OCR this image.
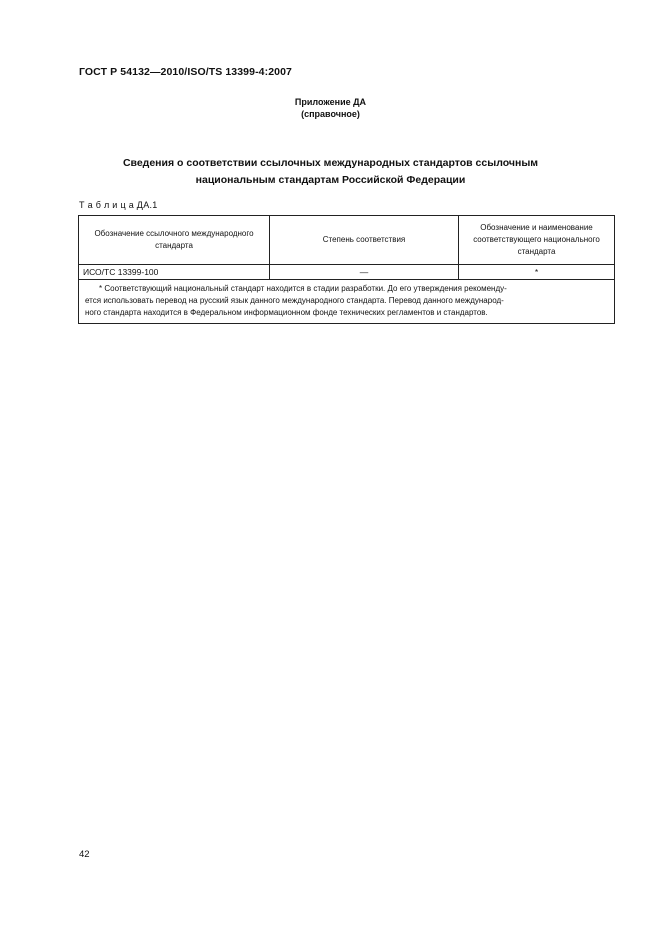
ГОСТ Р 54132—2010/ISO/TS 13399-4:2007
Приложение ДА
(справочное)
Сведения о соответствии ссылочных международных стандартов ссылочным
национальным стандартам Российской Федерации
Т а б л и ц а ДА.1
Обозначение ссылочного международного стандарта	Степень соответствия	Обозначение и наименование соответствующего национального стандарта
ИСО/ТС 13399-100	—	*

* Соответствующий национальный стандарт находится в стадии разработки. До его утверждения рекоменду-
ется использовать перевод на русский язык данного международного стандарта. Перевод данного международ-
ного стандарта находится в Федеральном информационном фонде технических регламентов и стандартов.		
42
